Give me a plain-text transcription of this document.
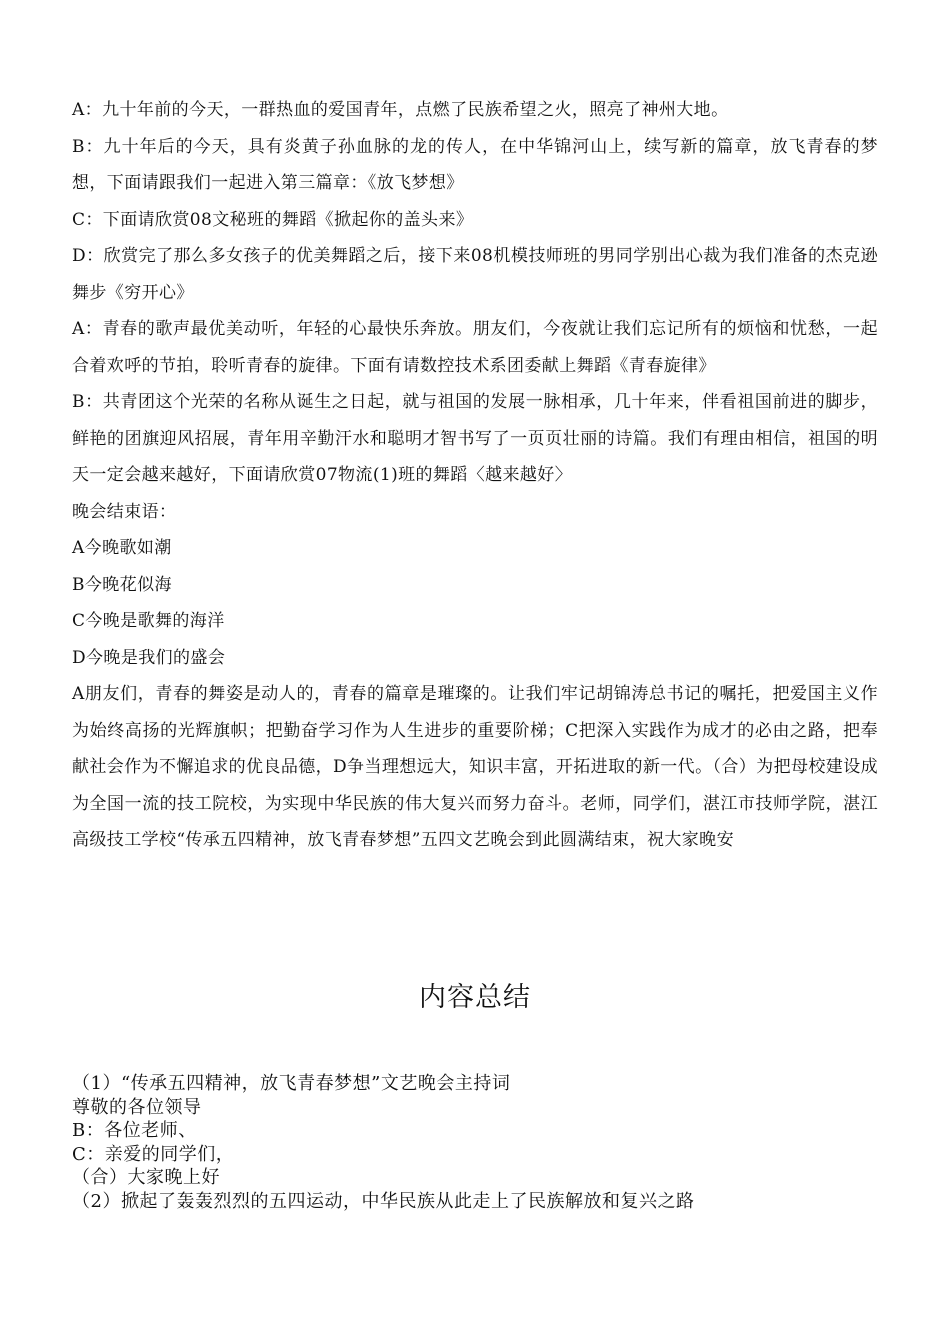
A：九十年前的今天，一群热血的爱国青年，点燃了民族希望之火，照亮了神州大地。

B：九十年后的今天，具有炎黄子孙血脉的龙的传人，在中华锦河山上，续写新的篇章，放飞青春的梦想，下面请跟我们一起进入第三篇章：《放飞梦想》

C：下面请欣赏08文秘班的舞蹈《掀起你的盖头来》

D：欣赏完了那么多女孩子的优美舞蹈之后，接下来08机模技师班的男同学别出心裁为我们准备的杰克逊舞步《穷开心》

A：青春的歌声最优美动听，年轻的心最快乐奔放。朋友们，今夜就让我们忘记所有的烦恼和忧愁，一起合着欢呼的节拍，聆听青春的旋律。下面有请数控技术系团委献上舞蹈《青春旋律》

B：共青团这个光荣的名称从诞生之日起，就与祖国的发展一脉相承，几十年来，伴看祖国前进的脚步，鲜艳的团旗迎风招展，青年用辛勤汗水和聪明才智书写了一页页壮丽的诗篇。我们有理由相信，祖国的明天一定会越来越好，下面请欣赏07物流(1)班的舞蹈〈越来越好〉

晚会结束语：

A今晚歌如潮

B今晚花似海

C今晚是歌舞的海洋

D今晚是我们的盛会

A朋友们，青春的舞姿是动人的，青春的篇章是璀璨的。让我们牢记胡锦涛总书记的嘱托，把爱国主义作为始终高扬的光辉旗帜；把勤奋学习作为人生进步的重要阶梯；C把深入实践作为成才的必由之路，把奉献社会作为不懈追求的优良品德，D争当理想远大，知识丰富，开拓进取的新一代。（合）为把母校建设成为全国一流的技工院校，为实现中华民族的伟大复兴而努力奋斗。老师，同学们，湛江市技师学院，湛江高级技工学校“传承五四精神，放飞青春梦想”五四文艺晚会到此圆满结束，祝大家晚安

内容总结

（1）“传承五四精神，放飞青春梦想”文艺晚会主持词

尊敬的各位领导

B：各位老师、

C：亲爱的同学们，

（合）大家晚上好

（2）掀起了轰轰烈烈的五四运动，中华民族从此走上了民族解放和复兴之路
